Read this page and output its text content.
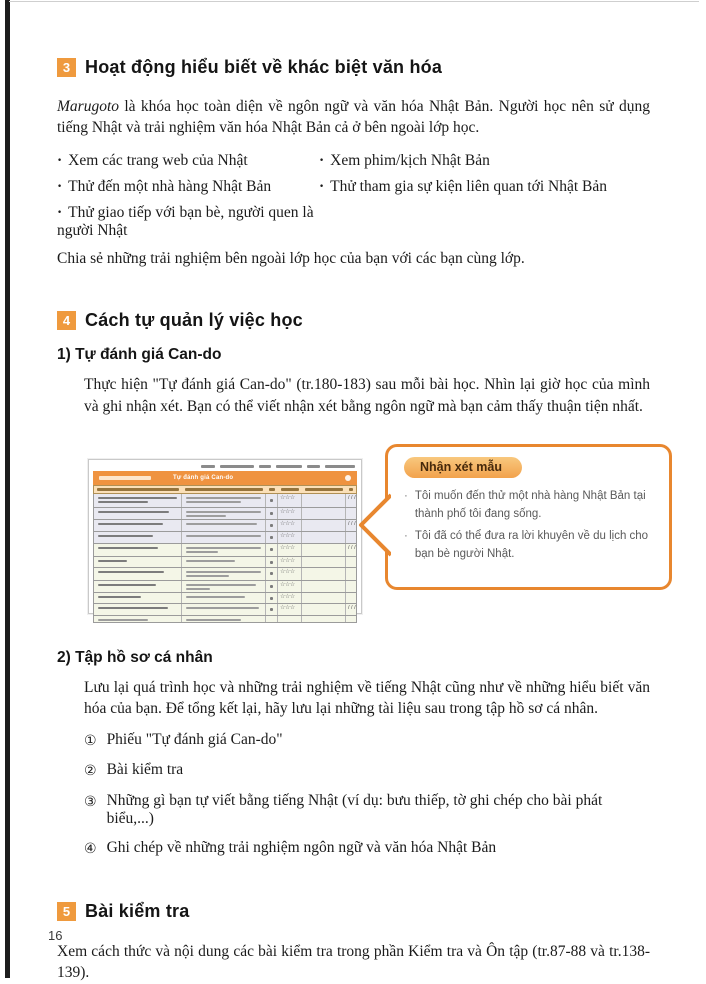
3 Hoạt động hiểu biết về khác biệt văn hóa

Marugoto là khóa học toàn diện về ngôn ngữ và văn hóa Nhật Bản. Người học nên sử dụng tiếng Nhật và trải nghiệm văn hóa Nhật Bản cả ở bên ngoài lớp học.

· Xem các trang web của Nhật	· Xem phim/kịch Nhật Bản
· Thử đến một nhà hàng Nhật Bản	· Thử tham gia sự kiện liên quan tới Nhật Bản
· Thử giao tiếp với bạn bè, người quen là người Nhật

Chia sẻ những trải nghiệm bên ngoài lớp học của bạn với các bạn cùng lớp.

4 Cách tự quản lý việc học
1) Tự đánh giá Can-do

Thực hiện "Tự đánh giá Can-do" (tr.180-183) sau mỗi bài học. Nhìn lại giờ học của mình và ghi nhận xét. Bạn có thể viết nhận xét bằng ngôn ngữ mà bạn cảm thấy thuận tiện nhất.

Tự đánh giá Can-do
☆☆☆	/ / /
☆☆☆
☆☆☆	/ / /
☆☆☆
☆☆☆	/ / /
☆☆☆
☆☆☆
☆☆☆
☆☆☆
☆☆☆	/ / /
Nhận xét mẫu
· Tôi muốn đến thử một nhà hàng Nhật Bản tại thành phố tôi đang sống.
· Tôi đã có thể đưa ra lời khuyên về du lịch cho bạn bè người Nhật.
2) Tập hồ sơ cá nhân

Lưu lại quá trình học và những trải nghiệm về tiếng Nhật cũng như về những hiểu biết văn hóa của bạn. Để tổng kết lại, hãy lưu lại những tài liệu sau trong tập hồ sơ cá nhân.

① Phiếu "Tự đánh giá Can-do"
② Bài kiểm tra
③ Những gì bạn tự viết bằng tiếng Nhật (ví dụ: bưu thiếp, tờ ghi chép cho bài phát biểu,...)
④ Ghi chép về những trải nghiệm ngôn ngữ và văn hóa Nhật Bản
5 Bài kiểm tra

Xem cách thức và nội dung các bài kiểm tra trong phần Kiểm tra và Ôn tập (tr.87-88 và tr.138-139).

16
